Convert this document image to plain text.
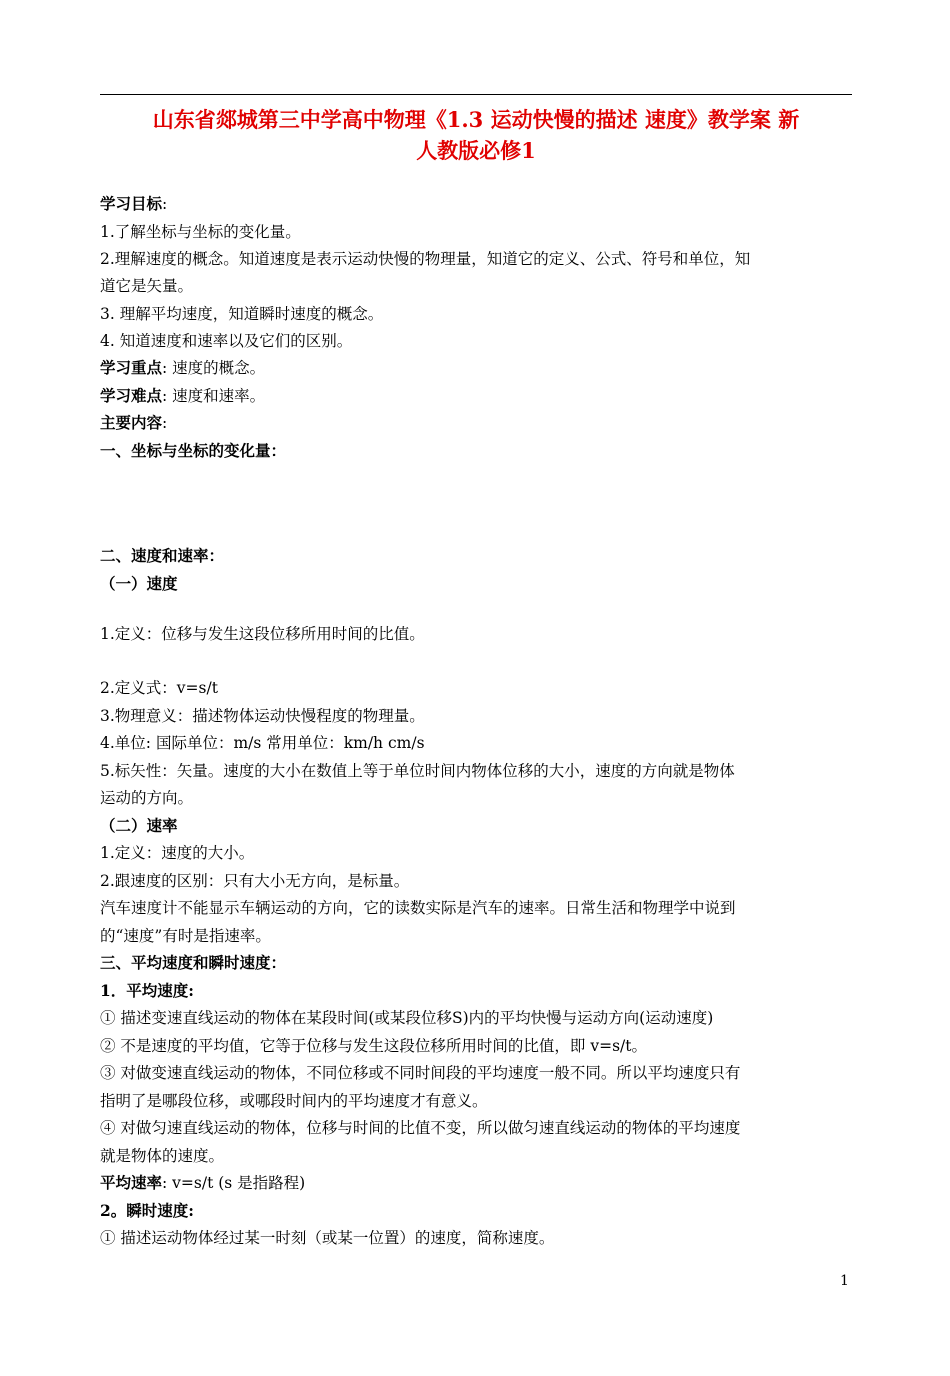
山东省郯城第三中学高中物理《1.3 运动快慢的描述 速度》教学案 新
人教版必修1
学习目标:
1.了解坐标与坐标的变化量。
2.理解速度的概念。知道速度是表示运动快慢的物理量，知道它的定义、公式、符号和单位，知
道它是矢量。
3. 理解平均速度，知道瞬时速度的概念。
4. 知道速度和速率以及它们的区别。
学习重点: 速度的概念。
学习难点: 速度和速率。
主要内容:
一、坐标与坐标的变化量：
二、速度和速率：
（一）速度
1.定义：位移与发生这段位移所用时间的比值。
2.定义式：v=s/t
3.物理意义：描述物体运动快慢程度的物理量。
4.单位: 国际单位：m/s 常用单位：km/h cm/s
5.标矢性：矢量。速度的大小在数值上等于单位时间内物体位移的大小，速度的方向就是物体
运动的方向。
（二）速率
1.定义：速度的大小。
2.跟速度的区别：只有大小无方向，是标量。
汽车速度计不能显示车辆运动的方向，它的读数实际是汽车的速率。日常生活和物理学中说到
的“速度”有时是指速率。
三、平均速度和瞬时速度：
1．平均速度:
① 描述变速直线运动的物体在某段时间(或某段位移S)内的平均快慢与运动方向(运动速度)
② 不是速度的平均值，它等于位移与发生这段位移所用时间的比值，即 v=s/t。
③ 对做变速直线运动的物体，不同位移或不同时间段的平均速度一般不同。所以平均速度只有
指明了是哪段位移，或哪段时间内的平均速度才有意义。
④ 对做匀速直线运动的物体，位移与时间的比值不变，所以做匀速直线运动的物体的平均速度
就是物体的速度。
平均速率: v=s/t (s 是指路程)
2。瞬时速度:
① 描述运动物体经过某一时刻（或某一位置）的速度，简称速度。
1
